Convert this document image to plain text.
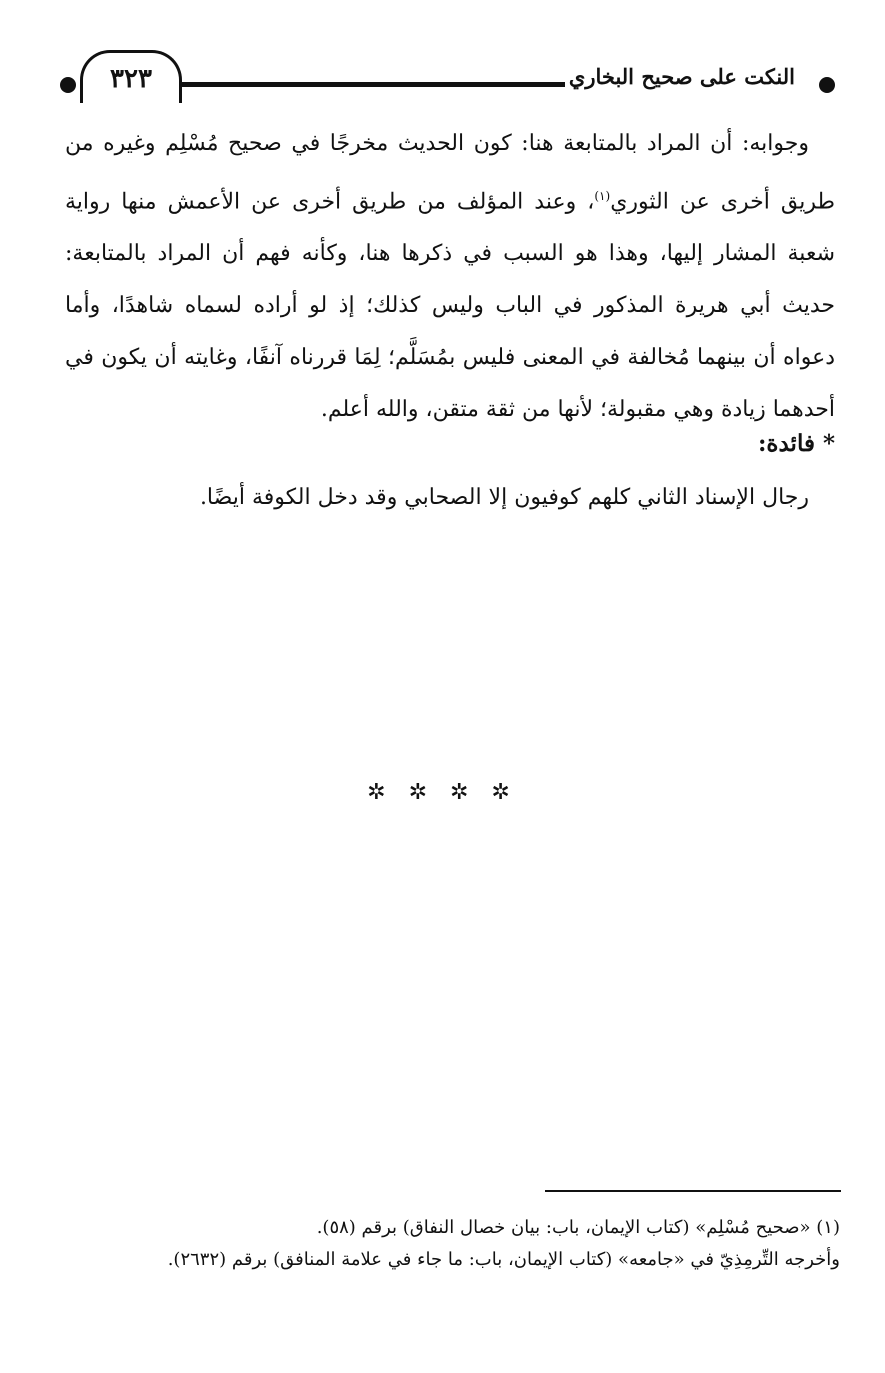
النكت على صحيح البخاري
٣٢٣

وجوابه: أن المراد بالمتابعة هنا: كون الحديث مخرجًا في صحيح مُسْلِم وغيره من طريق أخرى عن الثوري$^{(١)}$، وعند المؤلف من طريق أخرى عن الأعمش منها رواية شعبة المشار إليها، وهذا هو السبب في ذكرها هنا، وكأنه فهم أن المراد بالمتابعة: حديث أبي هريرة المذكور في الباب وليس كذلك؛ إذ لو أراده لسماه شاهدًا، وأما دعواه أن بينهما مُخالفة في المعنى فليس بمُسَلَّم؛ لِمَا قررناه آنفًا، وغايته أن يكون في أحدهما زيادة وهي مقبولة؛ لأنها من ثقة متقن، والله أعلم.

* فائدة:
رجال الإسناد الثاني كلهم كوفيون إلا الصحابي وقد دخل الكوفة أيضًا.
✲ ✲ ✲ ✲

(١) «صحيح مُسْلِم» (كتاب الإيمان، باب: بيان خصال النفاق) برقم (٥٨).

وأخرجه التِّرمِذِيّ في «جامعه» (كتاب الإيمان، باب: ما جاء في علامة المنافق) برقم (٢٦٣٢).
